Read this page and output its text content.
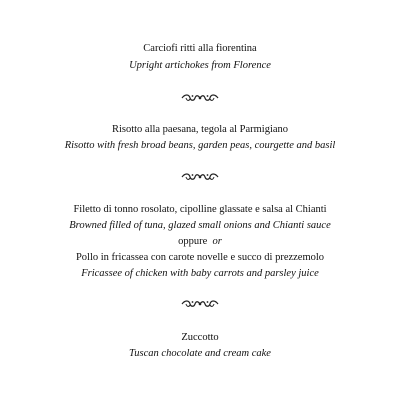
Carciofi ritti alla fiorentina
Upright artichokes from Florence
Risotto alla paesana, tegola al Parmigiano
Risotto with fresh broad beans, garden peas, courgette and basil
Filetto di tonno rosolato, cipolline glassate e salsa al Chianti
Browned filled of tuna, glazed small onions and Chianti sauce
oppure or
Pollo in fricassea con carote novelle e succo di prezzemolo
Fricassee of chicken with baby carrots and parsley juice
Zuccotto
Tuscan chocolate and cream cake
